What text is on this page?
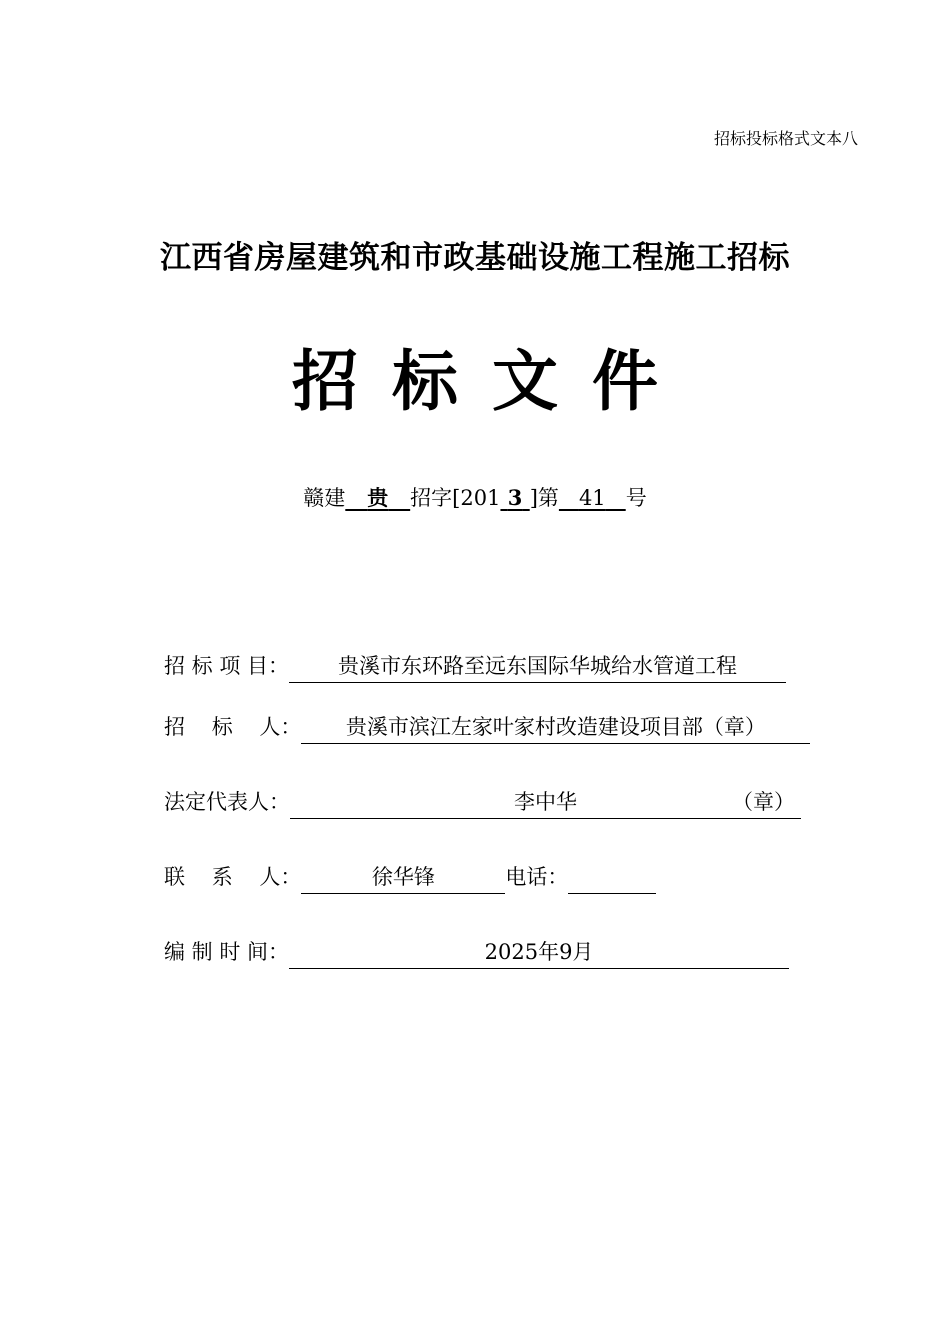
招标投标格式文本八
江西省房屋建筑和市政基础设施工程施工招标
招 标 文 件
赣建 贵 招字[201 3 ]第 41 号
招 标 项 目： 贵溪市东环路至远东国际华城给水管道工程
招    标    人： 贵溪市滨江左家叶家村改造建设项目部（章）
法定代表人：	李中华	（章）
联    系    人：	徐华锋	电话：
编 制 时 间：	2025年9月
